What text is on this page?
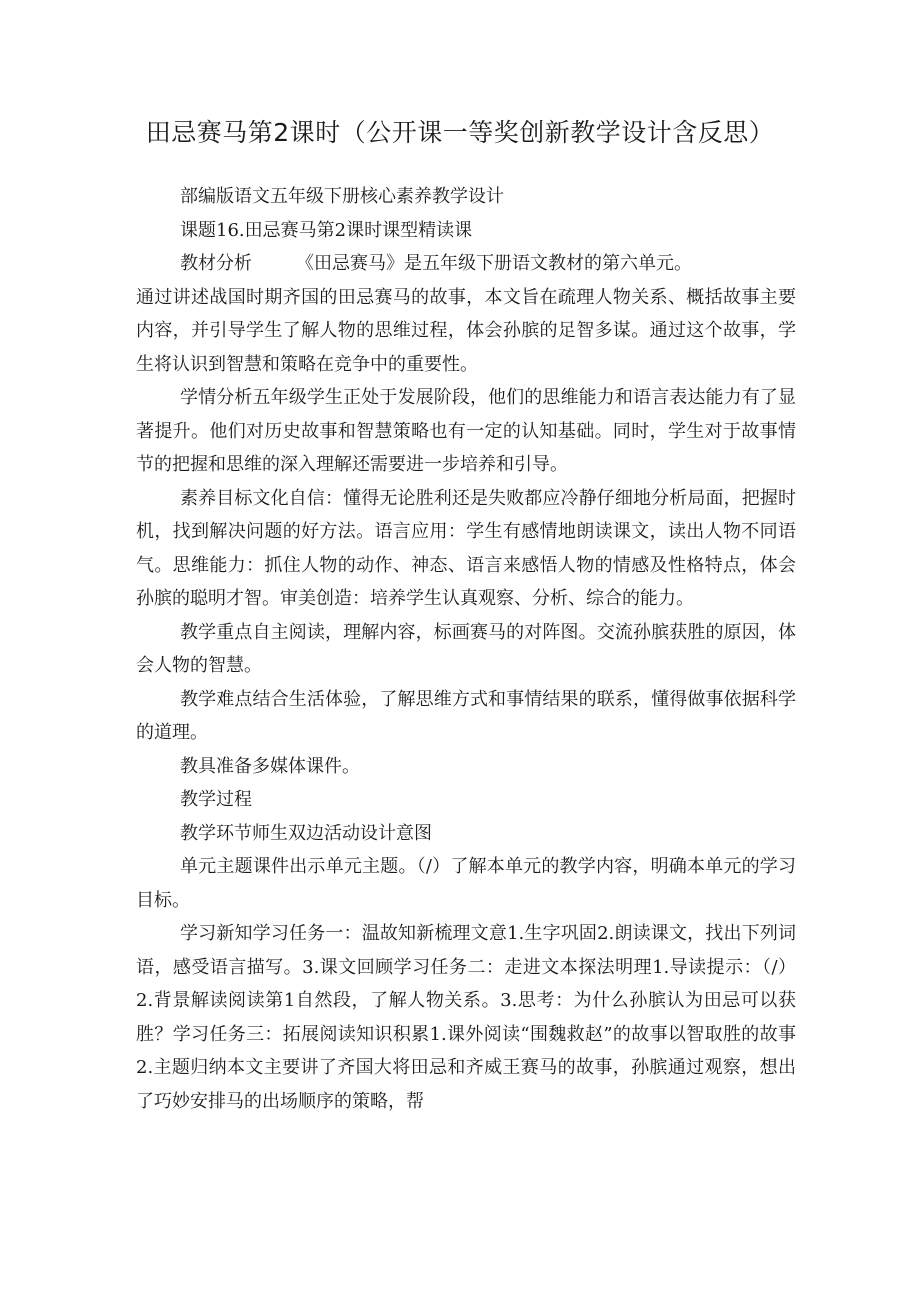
田忌赛马第2课时（公开课一等奖创新教学设计含反思）

部编版语文五年级下册核心素养教学设计

课题16.田忌赛马第2课时课型精读课

教材分析 《田忌赛马》是五年级下册语文教材的第六单元。

通过讲述战国时期齐国的田忌赛马的故事，本文旨在疏理人物关系、概括故事主要内容，并引导学生了解人物的思维过程，体会孙膑的足智多谋。通过这个故事，学生将认识到智慧和策略在竞争中的重要性。

学情分析五年级学生正处于发展阶段，他们的思维能力和语言表达能力有了显著提升。他们对历史故事和智慧策略也有一定的认知基础。同时，学生对于故事情节的把握和思维的深入理解还需要进一步培养和引导。

素养目标文化自信：懂得无论胜利还是失败都应冷静仔细地分析局面，把握时机，找到解决问题的好方法。语言应用：学生有感情地朗读课文，读出人物不同语气。思维能力：抓住人物的动作、神态、语言来感悟人物的情感及性格特点，体会孙膑的聪明才智。审美创造：培养学生认真观察、分析、综合的能力。

教学重点自主阅读，理解内容，标画赛马的对阵图。交流孙膑获胜的原因，体会人物的智慧。

教学难点结合生活体验，了解思维方式和事情结果的联系，懂得做事依据科学的道理。

教具准备多媒体课件。

教学过程

教学环节师生双边活动设计意图

单元主题课件出示单元主题。（/）了解本单元的教学内容，明确本单元的学习目标。

学习新知学习任务一：温故知新梳理文意1.生字巩固2.朗读课文，找出下列词语，感受语言描写。3.课文回顾学习任务二：走进文本探法明理1.导读提示：（/）2.背景解读阅读第1自然段，了解人物关系。3.思考：为什么孙膑认为田忌可以获胜？学习任务三：拓展阅读知识积累1.课外阅读“围魏救赵”的故事以智取胜的故事2.主题归纳本文主要讲了齐国大将田忌和齐威王赛马的故事，孙膑通过观察，想出了巧妙安排马的出场顺序的策略，帮
